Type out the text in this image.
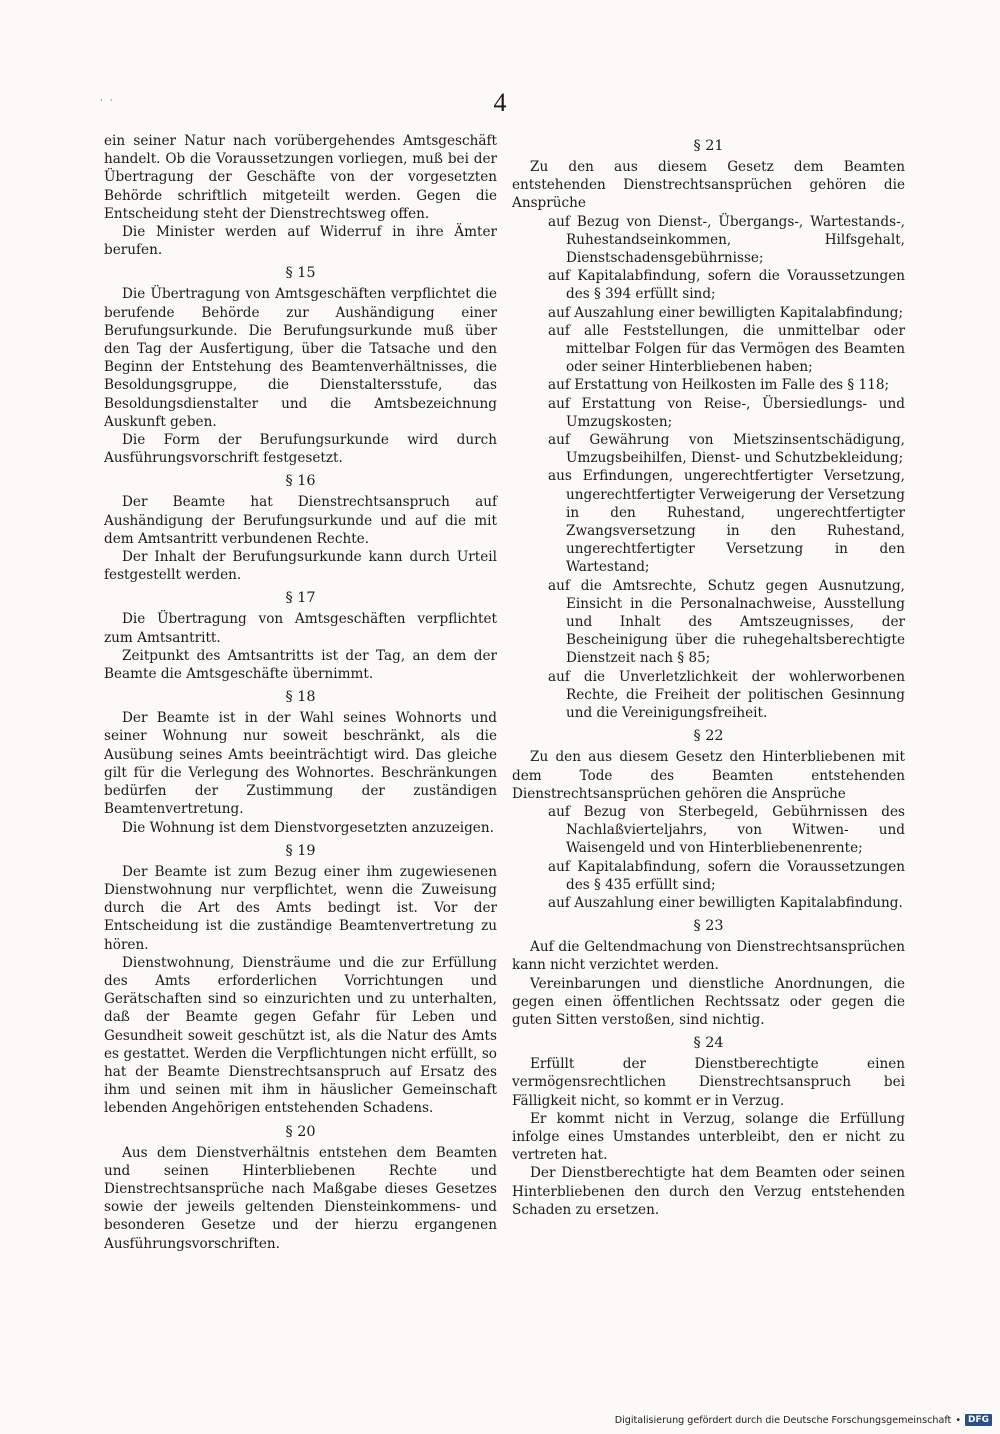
· ·	4

ein seiner Natur nach vorübergehendes Amtsgeschäft handelt. Ob die Voraussetzungen vorliegen, muß bei der Übertragung der Geschäfte von der vorgesetzten Behörde schriftlich mitgeteilt werden. Gegen die Entscheidung steht der Dienstrechtsweg offen.

Die Minister werden auf Widerruf in ihre Ämter berufen.

§ 15

Die Übertragung von Amtsgeschäften verpflichtet die berufende Behörde zur Aushändigung einer Berufungsurkunde. Die Berufungsurkunde muß über den Tag der Ausfertigung, über die Tatsache und den Beginn der Entstehung des Beamtenverhältnisses, die Besoldungsgruppe, die Dienstaltersstufe, das Besoldungsdienstalter und die Amtsbezeichnung Auskunft geben.

Die Form der Berufungsurkunde wird durch Ausführungsvorschrift festgesetzt.

§ 16

Der Beamte hat Dienstrechtsanspruch auf Aushändigung der Berufungsurkunde und auf die mit dem Amtsantritt verbundenen Rechte.

Der Inhalt der Berufungsurkunde kann durch Urteil festgestellt werden.

§ 17

Die Übertragung von Amtsgeschäften verpflichtet zum Amtsantritt.

Zeitpunkt des Amtsantritts ist der Tag, an dem der Beamte die Amtsgeschäfte übernimmt.

§ 18

Der Beamte ist in der Wahl seines Wohnorts und seiner Wohnung nur soweit beschränkt, als die Ausübung seines Amts beeinträchtigt wird. Das gleiche gilt für die Verlegung des Wohnortes. Beschränkungen bedürfen der Zustimmung der zuständigen Beamtenvertretung.

Die Wohnung ist dem Dienstvorgesetzten anzuzeigen.

§ 19

Der Beamte ist zum Bezug einer ihm zugewiesenen Dienstwohnung nur verpflichtet, wenn die Zuweisung durch die Art des Amts bedingt ist. Vor der Entscheidung ist die zuständige Beamtenvertretung zu hören.

Dienstwohnung, Diensträume und die zur Erfüllung des Amts erforderlichen Vorrichtungen und Gerätschaften sind so einzurichten und zu unterhalten, daß der Beamte gegen Gefahr für Leben und Gesundheit soweit geschützt ist, als die Natur des Amts es gestattet. Werden die Verpflichtungen nicht erfüllt, so hat der Beamte Dienstrechtsanspruch auf Ersatz des ihm und seinen mit ihm in häuslicher Gemeinschaft lebenden Angehörigen entstehenden Schadens.

§ 20

Aus dem Dienstverhältnis entstehen dem Beamten und seinen Hinterbliebenen Rechte und Dienstrechtsansprüche nach Maßgabe dieses Gesetzes sowie der jeweils geltenden Diensteinkommens- und besonderen Gesetze und der hierzu ergangenen Ausführungsvorschriften.

§ 21

Zu den aus diesem Gesetz dem Beamten entstehenden Dienstrechtsansprüchen gehören die Ansprüche

auf Bezug von Dienst-, Übergangs-, Wartestands-, Ruhestandseinkommen, Hilfsgehalt, Dienstschadensgebührnisse;
auf Kapitalabfindung, sofern die Voraussetzungen des § 394 erfüllt sind;
auf Auszahlung einer bewilligten Kapitalabfindung;
auf alle Feststellungen, die unmittelbar oder mittelbar Folgen für das Vermögen des Beamten oder seiner Hinterbliebenen haben;
auf Erstattung von Heilkosten im Falle des § 118;
auf Erstattung von Reise-, Übersiedlungs- und Umzugskosten;
auf Gewährung von Mietszinsentschädigung, Umzugsbeihilfen, Dienst- und Schutzbekleidung;
aus Erfindungen, ungerechtfertigter Versetzung, ungerechtfertigter Verweigerung der Versetzung in den Ruhestand, ungerechtfertigter Zwangsversetzung in den Ruhestand, ungerechtfertigter Versetzung in den Wartestand;
auf die Amtsrechte, Schutz gegen Ausnutzung, Einsicht in die Personalnachweise, Ausstellung und Inhalt des Amtszeugnisses, der Bescheinigung über die ruhegehaltsberechtigte Dienstzeit nach § 85;
auf die Unverletzlichkeit der wohlerworbenen Rechte, die Freiheit der politischen Gesinnung und die Vereinigungsfreiheit.
§ 22

Zu den aus diesem Gesetz den Hinterbliebenen mit dem Tode des Beamten entstehenden Dienstrechtsansprüchen gehören die Ansprüche

auf Bezug von Sterbegeld, Gebührnissen des Nachlaßvierteljahrs, von Witwen- und Waisengeld und von Hinterbliebenenrente;
auf Kapitalabfindung, sofern die Voraussetzungen des § 435 erfüllt sind;
auf Auszahlung einer bewilligten Kapitalabfindung.
§ 23

Auf die Geltendmachung von Dienstrechtsansprüchen kann nicht verzichtet werden.

Vereinbarungen und dienstliche Anordnungen, die gegen einen öffentlichen Rechtssatz oder gegen die guten Sitten verstoßen, sind nichtig.

§ 24

Erfüllt der Dienstberechtigte einen vermögensrechtlichen Dienstrechtsanspruch bei Fälligkeit nicht, so kommt er in Verzug.

Er kommt nicht in Verzug, solange die Erfüllung infolge eines Umstandes unterbleibt, den er nicht zu vertreten hat.

Der Dienstberechtigte hat dem Beamten oder seinen Hinterbliebenen den durch den Verzug entstehenden Schaden zu ersetzen.

Digitalisierung gefördert durch die Deutsche Forschungsgemeinschaft • DFG
